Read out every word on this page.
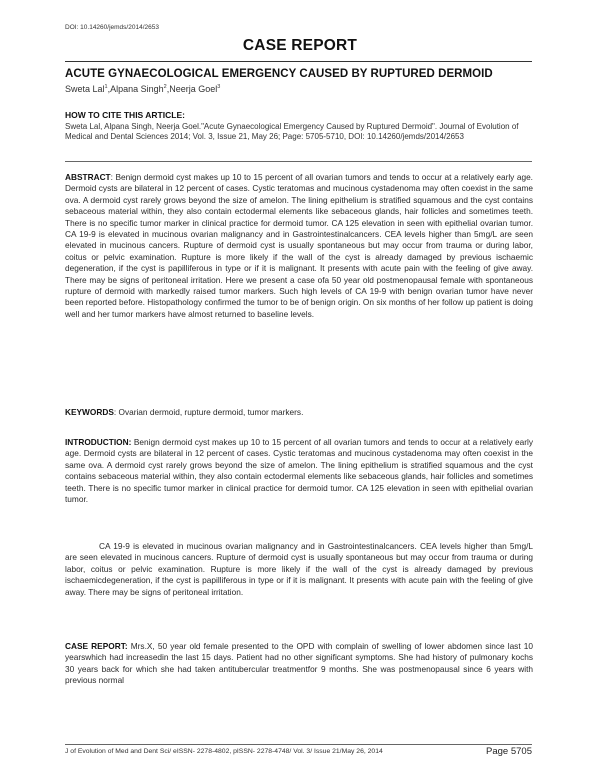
DOI: 10.14260/jemds/2014/2653
CASE REPORT
ACUTE GYNAECOLOGICAL EMERGENCY CAUSED BY RUPTURED DERMOID
Sweta Lal$^1$,Alpana Singh$^2$,Neerja Goel$^3$
HOW TO CITE THIS ARTICLE:
Sweta Lal, Alpana Singh, Neerja Goel."Acute Gynaecological Emergency Caused by Ruptured Dermoid". Journal of Evolution of Medical and Dental Sciences 2014; Vol. 3, Issue 21, May 26; Page: 5705-5710, DOI: 10.14260/jemds/2014/2653
ABSTRACT: Benign dermoid cyst makes up 10 to 15 percent of all ovarian tumors and tends to occur at a relatively early age. Dermoid cysts are bilateral in 12 percent of cases. Cystic teratomas and mucinous cystadenoma may often coexist in the same ova. A dermoid cyst rarely grows beyond the size of amelon. The lining epithelium is stratified squamous and the cyst contains sebaceous material within, they also contain ectodermal elements like sebaceous glands, hair follicles and sometimes teeth. There is no specific tumor marker in clinical practice for dermoid tumor. CA 125 elevation in seen with epithelial ovarian tumor. CA 19-9 is elevated in mucinous ovarian malignancy and in Gastrointestinalcancers. CEA levels higher than 5mg/L are seen elevated in mucinous cancers. Rupture of dermoid cyst is usually spontaneous but may occur from trauma or during labor, coitus or pelvic examination. Rupture is more likely if the wall of the cyst is already damaged by previous ischaemic degeneration, if the cyst is papilliferous in type or if it is malignant. It presents with acute pain with the feeling of give away. There may be signs of peritoneal irritation. Here we present a case ofa 50 year old postmenopausal female with spontaneous rupture of dermoid with markedly raised tumor markers. Such high levels of CA 19-9 with benign ovarian tumor have never been reported before. Histopathology confirmed the tumor to be of benign origin. On six months of her follow up patient is doing well and her tumor markers have almost returned to baseline levels.
KEYWORDS: Ovarian dermoid, rupture dermoid, tumor markers.
INTRODUCTION: Benign dermoid cyst makes up 10 to 15 percent of all ovarian tumors and tends to occur at a relatively early age. Dermoid cysts are bilateral in 12 percent of cases. Cystic teratomas and mucinous cystadenoma may often coexist in the same ova. A dermoid cyst rarely grows beyond the size of amelon. The lining epithelium is stratified squamous and the cyst contains sebaceous material within, they also contain ectodermal elements like sebaceous glands, hair follicles and sometimes teeth. There is no specific tumor marker in clinical practice for dermoid tumor. CA 125 elevation in seen with epithelial ovarian tumor.
CA 19-9 is elevated in mucinous ovarian malignancy and in Gastrointestinalcancers. CEA levels higher than 5mg/L are seen elevated in mucinous cancers. Rupture of dermoid cyst is usually spontaneous but may occur from trauma or during labor, coitus or pelvic examination. Rupture is more likely if the wall of the cyst is already damaged by previous ischaemicdegeneration, if the cyst is papilliferous in type or if it is malignant. It presents with acute pain with the feeling of give away. There may be signs of peritoneal irritation.
CASE REPORT: Mrs.X, 50 year old female presented to the OPD with complain of swelling of lower abdomen since last 10 yearswhich had increasedin the last 15 days. Patient had no other significant symptoms. She had history of pulmonary kochs 30 years back for which she had taken antitubercular treatmentfor 9 months. She was postmenopausal since 6 years with previous normal
J of Evolution of Med and Dent Sci/ eISSN- 2278-4802, pISSN- 2278-4748/ Vol. 3/ Issue 21/May 26, 2014	Page 5705
